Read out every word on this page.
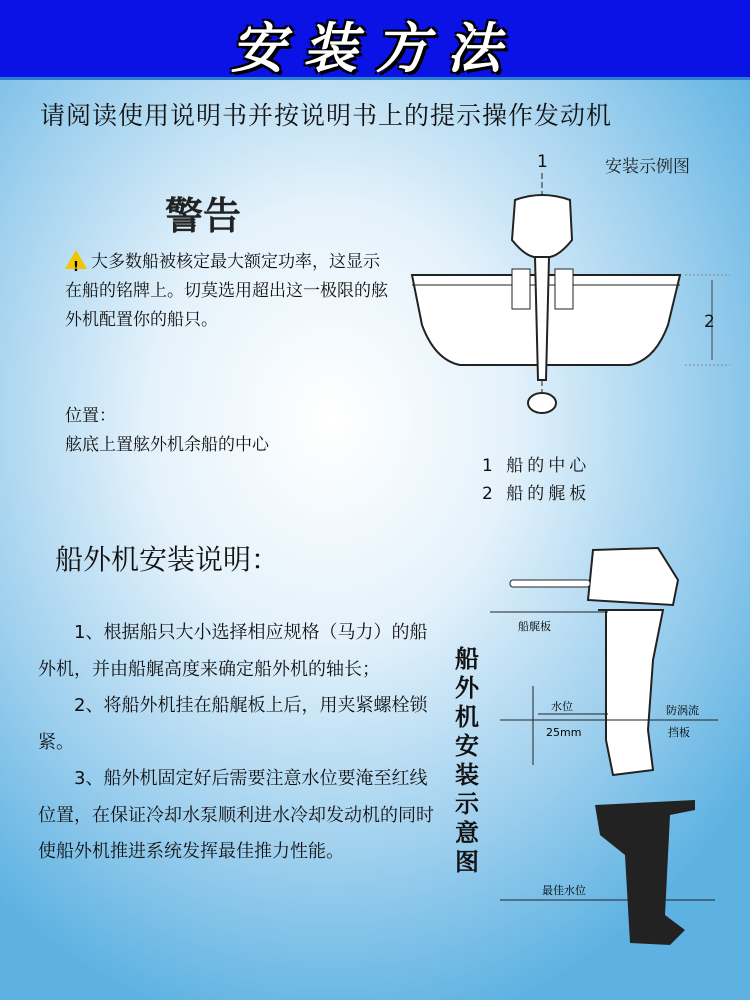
安装方法
请阅读使用说明书并按说明书上的提示操作发动机
安装示例图
警告
!大多数船被核定最大额定功率，这显示在船的铭牌上。切莫选用超出这一极限的舷外机配置你的船只。
位置：
舷底上置舷外机余船的中心
1
2
1 船的中心
2 船的艉板
船外机安装说明：

1、根据船只大小选择相应规格（马力）的船外机，并由船艉高度来确定船外机的轴长；

2、将船外机挂在船艉板上后，用夹紧螺栓锁紧。

3、船外机固定好后需要注意水位要淹至红线位置，在保证冷却水泵顺利进水冷却发动机的同时使船外机推进系统发挥最佳推力性能。

船外机安装示意图
船艉板
水位
25mm
防涡流
挡板
最佳水位
